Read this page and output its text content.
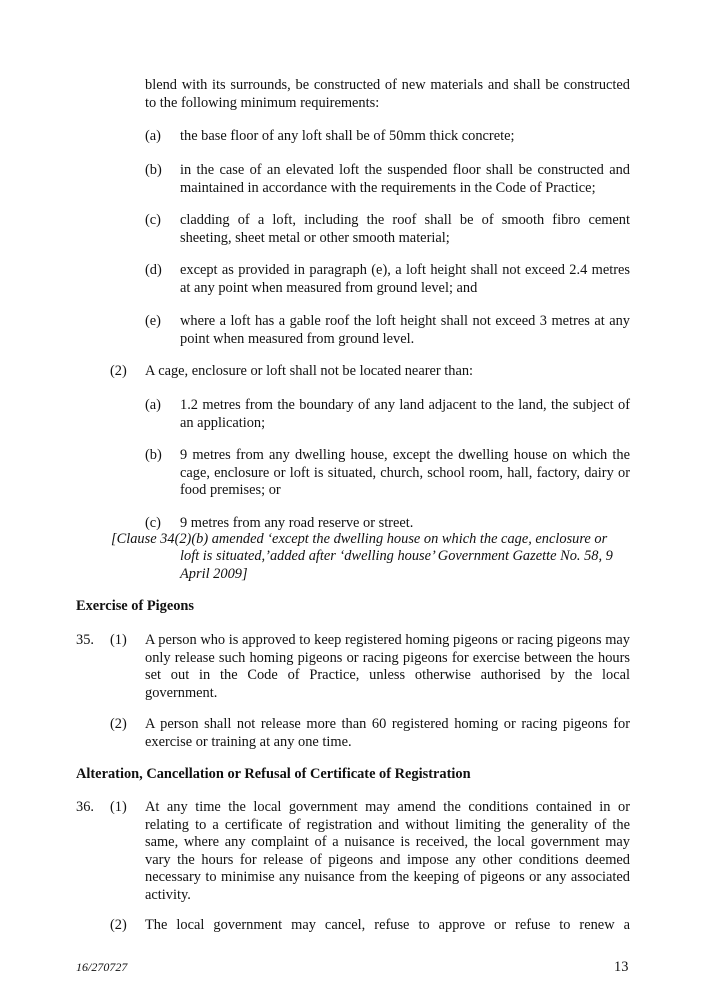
blend with its surrounds, be constructed of new materials and shall be constructed to the following minimum requirements:
(a) the base floor of any loft shall be of 50mm thick concrete;
(b) in the case of an elevated loft the suspended floor shall be constructed and maintained in accordance with the requirements in the Code of Practice;
(c) cladding of a loft, including the roof shall be of smooth fibro cement sheeting, sheet metal or other smooth material;
(d) except as provided in paragraph (e), a loft height shall not exceed 2.4 metres at any point when measured from ground level; and
(e) where a loft has a gable roof the loft height shall not exceed 3 metres at any point when measured from ground level.
(2) A cage, enclosure or loft shall not be located nearer than:
(a) 1.2 metres from the boundary of any land adjacent to the land, the subject of an application;
(b) 9 metres from any dwelling house, except the dwelling house on which the cage, enclosure or loft is situated, church, school room, hall, factory, dairy or food premises; or
(c) 9 metres from any road reserve or street.
[Clause 34(2)(b) amended ‘except the dwelling house on which the cage, enclosure or
loft is situated,’added after ‘dwelling house’ Government Gazette No. 58, 9
April 2009]
Exercise of Pigeons
35. (1) A person who is approved to keep registered homing pigeons or racing pigeons may only release such homing pigeons or racing pigeons for exercise between the hours set out in the Code of Practice, unless otherwise authorised by the local government.
(2) A person shall not release more than 60 registered homing or racing pigeons for exercise or training at any one time.
Alteration, Cancellation or Refusal of Certificate of Registration
36. (1) At any time the local government may amend the conditions contained in or relating to a certificate of registration and without limiting the generality of the same, where any complaint of a nuisance is received, the local government may vary the hours for release of pigeons and impose any other conditions deemed necessary to minimise any nuisance from the keeping of pigeons or any associated activity.
(2) The local government may cancel, refuse to approve or refuse to renew a
16/270727	13
